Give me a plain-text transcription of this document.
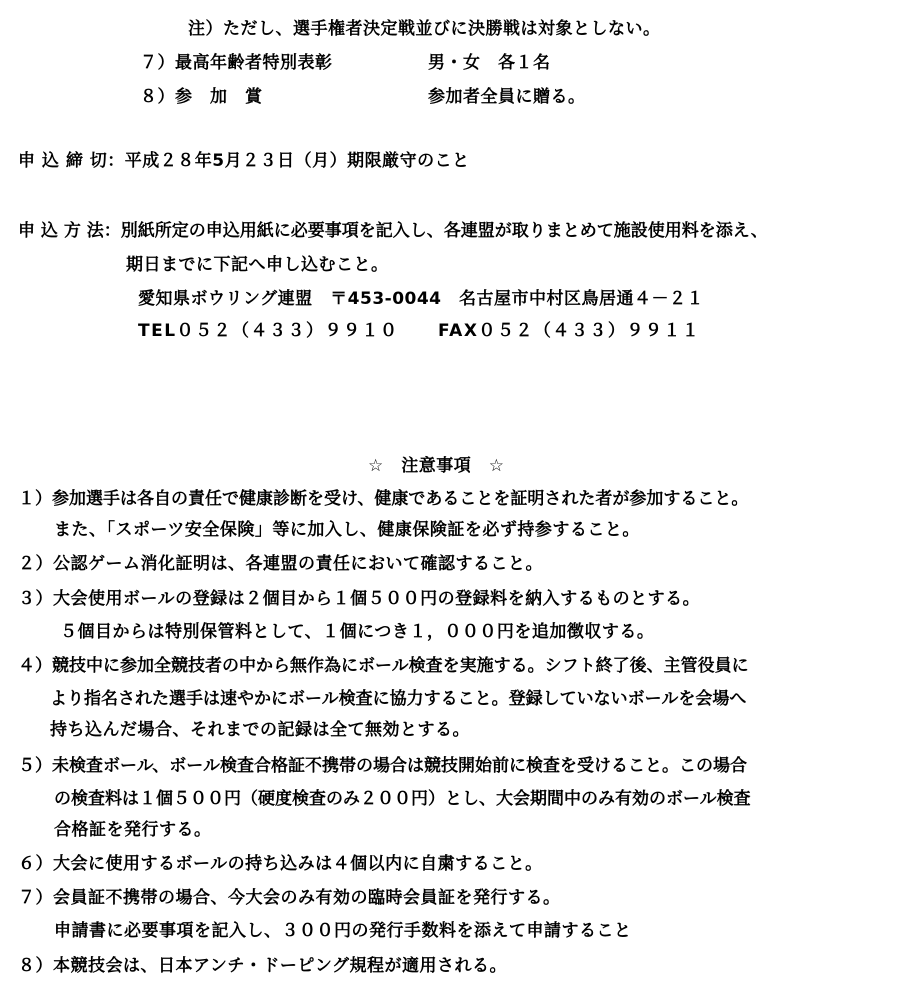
注）ただし、選手権者決定戦並びに決勝戦は対象としない。
７）最高年齢者特別表彰	男・女　各１名
８）参　加　賞	参加者全員に贈る。
申 込 締 切：平成２８年5月２３日（月）期限厳守のこと
申 込 方 法：別紙所定の申込用紙に必要事項を記入し、各連盟が取りまとめて施設使用料を添え、
期日までに下記へ申し込むこと。
愛知県ボウリング連盟　〒453-0044　名古屋市中村区鳥居通４－２１
TEL０５２（４３３）９９１０ FAX０５２（４３３）９９１１
☆　注意事項　☆
１）参加選手は各自の責任で健康診断を受け、健康であることを証明された者が参加すること。
また、「スポーツ安全保険」等に加入し、健康保険証を必ず持参すること。
２）公認ゲーム消化証明は、各連盟の責任において確認すること。
３）大会使用ボールの登録は２個目から１個５００円の登録料を納入するものとする。
５個目からは特別保管料として、１個につき１，０００円を追加徴収する。
４）競技中に参加全競技者の中から無作為にボール検査を実施する。シフト終了後、主管役員に
より指名された選手は速やかにボール検査に協力すること。登録していないボールを会場へ
持ち込んだ場合、それまでの記録は全て無効とする。
５）未検査ボール、ボール検査合格証不携帯の場合は競技開始前に検査を受けること。この場合
の検査料は１個５００円（硬度検査のみ２００円）とし、大会期間中のみ有効のボール検査
合格証を発行する。
６）大会に使用するボールの持ち込みは４個以内に自粛すること。
７）会員証不携帯の場合、今大会のみ有効の臨時会員証を発行する。
申請書に必要事項を記入し、３００円の発行手数料を添えて申請すること
８）本競技会は、日本アンチ・ドーピング規程が適用される。
